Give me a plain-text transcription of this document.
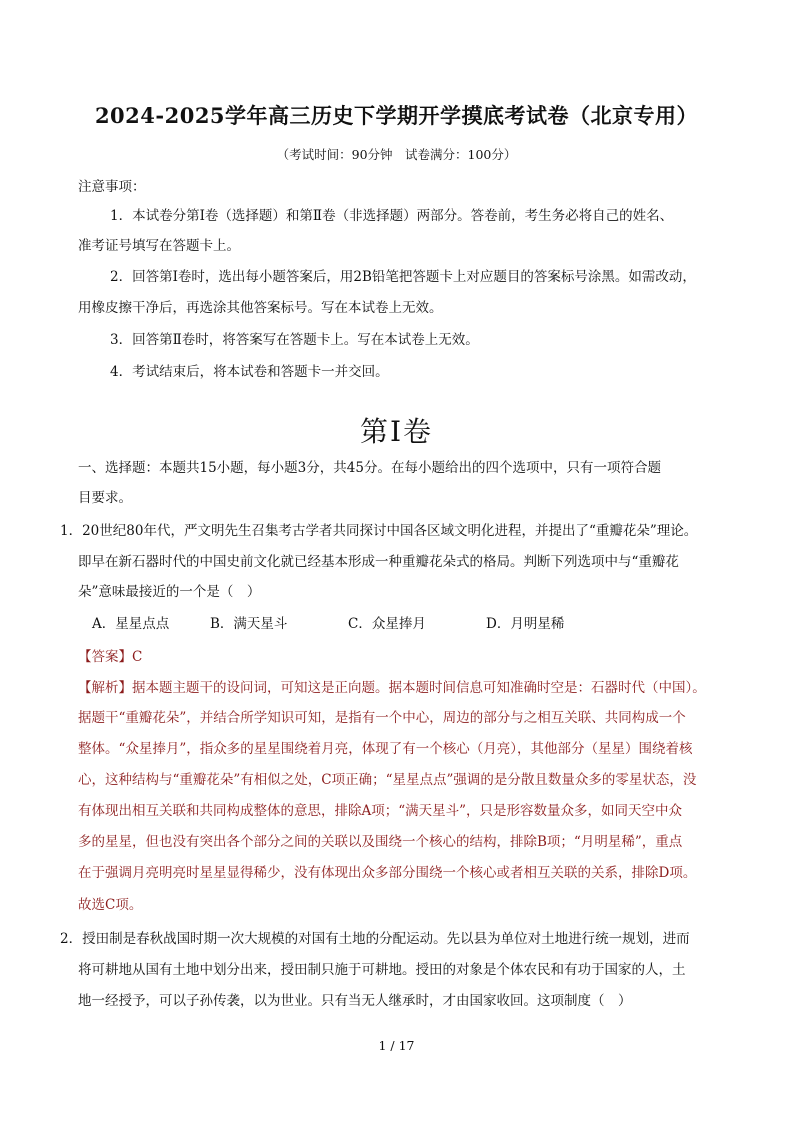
2024-2025学年高三历史下学期开学摸底考试卷（北京专用）
（考试时间：90分钟　试卷满分：100分）
注意事项：
1．本试卷分第Ⅰ卷（选择题）和第Ⅱ卷（非选择题）两部分。答卷前，考生务必将自己的姓名、
准考证号填写在答题卡上。
2．回答第Ⅰ卷时，选出每小题答案后，用2B铅笔把答题卡上对应题目的答案标号涂黑。如需改动，
用橡皮擦干净后，再选涂其他答案标号。写在本试卷上无效。
3．回答第Ⅱ卷时，将答案写在答题卡上。写在本试卷上无效。
4．考试结束后，将本试卷和答题卡一并交回。
第Ⅰ卷
一、选择题：本题共15小题，每小题3分，共45分。在每小题给出的四个选项中，只有一项符合题
目要求。
1．20世纪80年代，严文明先生召集考古学者共同探讨中国各区域文明化进程，并提出了“重瓣花朵”理论。
即早在新石器时代的中国史前文化就已经基本形成一种重瓣花朵式的格局。判断下列选项中与“重瓣花
朵”意味最接近的一个是（　）
A．星星点点	B．满天星斗	C．众星捧月	D．月明星稀
【答案】C
【解析】据本题主题干的设问词，可知这是正向题。据本题时间信息可知准确时空是：石器时代（中国）。
据题干“重瓣花朵”，并结合所学知识可知，是指有一个中心，周边的部分与之相互关联、共同构成一个
整体。“众星捧月”，指众多的星星围绕着月亮，体现了有一个核心（月亮），其他部分（星星）围绕着核
心，这种结构与“重瓣花朵”有相似之处，C项正确；“星星点点”强调的是分散且数量众多的零星状态，没
有体现出相互关联和共同构成整体的意思，排除A项；“满天星斗”，只是形容数量众多，如同天空中众
多的星星，但也没有突出各个部分之间的关联以及围绕一个核心的结构，排除B项；“月明星稀”，重点
在于强调月亮明亮时星星显得稀少，没有体现出众多部分围绕一个核心或者相互关联的关系，排除D项。
故选C项。
2．授田制是春秋战国时期一次大规模的对国有土地的分配运动。先以县为单位对土地进行统一规划，进而
将可耕地从国有土地中划分出来，授田制只施于可耕地。授田的对象是个体农民和有功于国家的人，土
地一经授予，可以子孙传袭，以为世业。只有当无人继承时，才由国家收回。这项制度（　）
1 / 17
